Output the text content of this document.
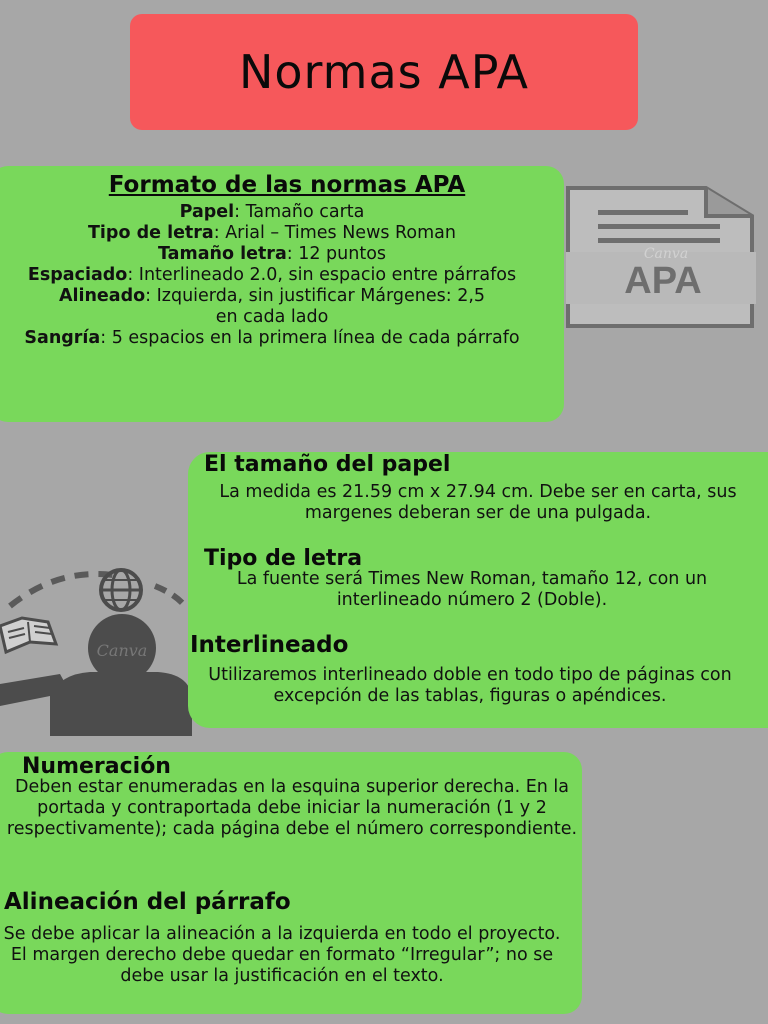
Normas APA
APA
Canva
Canva
Formato de las normas APA

Papel: Tamaño carta

Tipo de letra: Arial – Times News Roman

Tamaño letra: 12 puntos

Espaciado: Interlineado 2.0, sin espacio entre párrafos

Alineado: Izquierda, sin justificar Márgenes: 2,5 en cada lado

Sangría: 5 espacios en la primera línea de cada párrafo

El tamaño del papel

La medida es 21.59 cm x 27.94 cm. Debe ser en carta, sus margenes deberan ser de una pulgada.

Tipo de letra

La fuente será Times New Roman, tamaño 12, con un interlineado número 2 (Doble).

Interlineado

Utilizaremos interlineado doble en todo tipo de páginas con excepción de las tablas, figuras o apéndices.

Numeración

Deben estar enumeradas en la esquina superior derecha. En la portada y contraportada debe iniciar la numeración (1 y 2 respectivamente); cada página debe el número correspondiente.

Alineación del párrafo

Se debe aplicar la alineación a la izquierda en todo el proyecto. El margen derecho debe quedar en formato “Irregular”; no se debe usar la justificación en el texto.
